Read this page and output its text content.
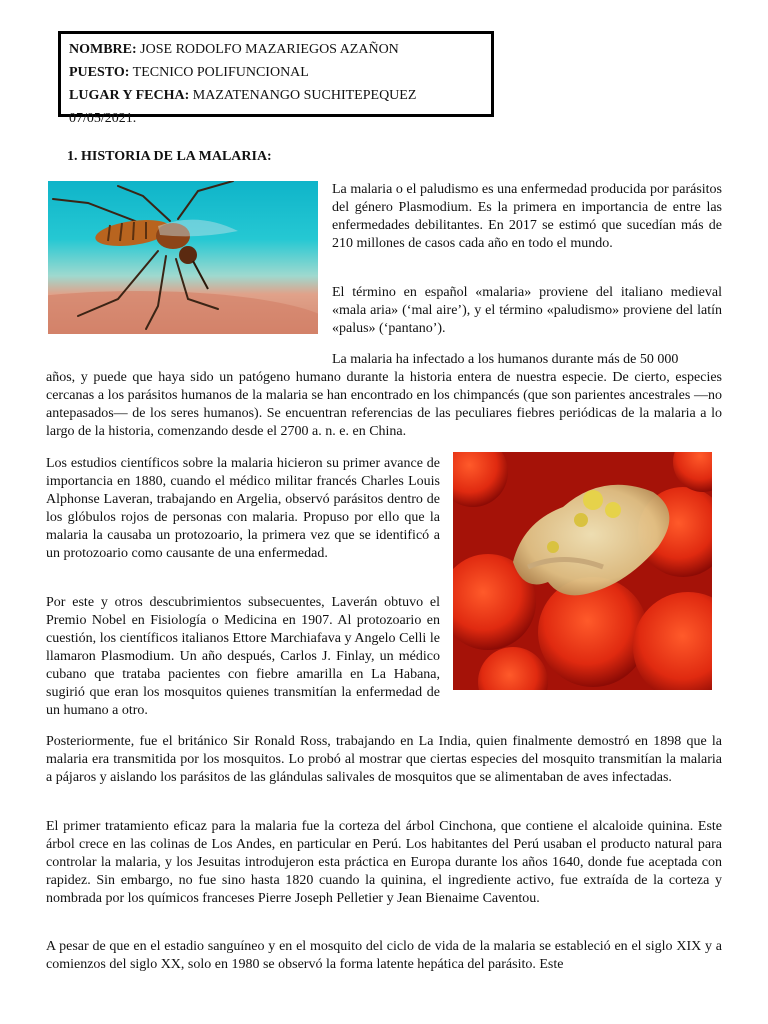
NOMBRE: JOSE RODOLFO MAZARIEGOS AZAÑON
PUESTO: TECNICO POLIFUNCIONAL
LUGAR Y FECHA: MAZATENANGO SUCHITEPEQUEZ 07/05/2021.
1. HISTORIA DE LA MALARIA:
La malaria o el paludismo es una enfermedad producida por parásitos del género Plasmodium. Es la primera en importancia de entre las enfermedades debilitantes. En 2017 se estimó que sucedían más de 210 millones de casos cada año en todo el mundo.
El término en español «malaria» proviene del italiano medieval «mala aria» (‘mal aire’), y el término «paludismo» proviene del latín «palus» (‘pantano’).
La malaria ha infectado a los humanos durante más de 50 000
años, y puede que haya sido un patógeno humano durante la historia entera de nuestra especie. De cierto, especies cercanas a los parásitos humanos de la malaria se han encontrado en los chimpancés (que son parientes ancestrales —no antepasados— de los seres humanos). Se encuentran referencias de las peculiares fiebres periódicas de la malaria a lo largo de la historia, comenzando desde el 2700 a. n. e. en China.
Los estudios científicos sobre la malaria hicieron su primer avance de importancia en 1880, cuando el médico militar francés Charles Louis Alphonse Laveran, trabajando en Argelia, observó parásitos dentro de los glóbulos rojos de personas con malaria. Propuso por ello que la malaria la causaba un protozoario, la primera vez que se identificó a un protozoario como causante de una enfermedad.
Por este y otros descubrimientos subsecuentes, Laverán obtuvo el Premio Nobel en Fisiología o Medicina en 1907. Al protozoario en cuestión, los científicos italianos Ettore Marchiafava y Angelo Celli le llamaron Plasmodium. Un año después, Carlos J. Finlay, un médico cubano que trataba pacientes con fiebre amarilla en La Habana, sugirió que eran los mosquitos quienes transmitían la enfermedad de un humano a otro.
Posteriormente, fue el británico Sir Ronald Ross, trabajando en La India, quien finalmente demostró en 1898 que la malaria era transmitida por los mosquitos. Lo probó al mostrar que ciertas especies del mosquito transmitían la malaria a pájaros y aislando los parásitos de las glándulas salivales de mosquitos que se alimentaban de aves infectadas.
El primer tratamiento eficaz para la malaria fue la corteza del árbol Cinchona, que contiene el alcaloide quinina. Este árbol crece en las colinas de Los Andes, en particular en Perú. Los habitantes del Perú usaban el producto natural para controlar la malaria, y los Jesuitas introdujeron esta práctica en Europa durante los años 1640, donde fue aceptada con rapidez. Sin embargo, no fue sino hasta 1820 cuando la quinina, el ingrediente activo, fue extraída de la corteza y nombrada por los químicos franceses Pierre Joseph Pelletier y Jean Bienaime Caventou.
A pesar de que en el estadio sanguíneo y en el mosquito del ciclo de vida de la malaria se estableció en el siglo XIX y a comienzos del siglo XX, solo en 1980 se observó la forma latente hepática del parásito. Este
